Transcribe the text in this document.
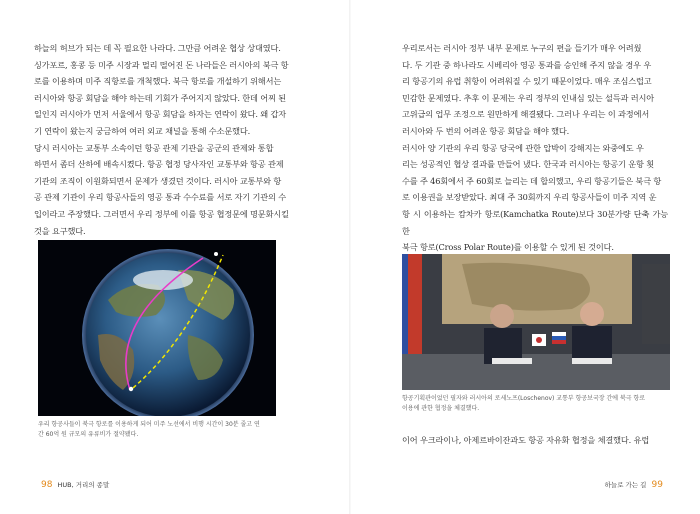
하늘의 허브가 되는 데 꼭 필요한 나라다. 그만큼 어려운 협상 상대였다.
싱가포르, 홍콩 등 미주 시장과 멀리 떨어진 돈 나라들은 러시아의 북극 항
로를 이용하며 미주 직항로를 개척했다. 북극 항로를 개설하기 위해서는
러시아와 항공 회담을 해야 하는데 기회가 주어지지 않았다. 한데 어찌 된
일인지 러시아가 먼저 서울에서 항공 회담을 하자는 연락이 왔다. 왜 갑자
기 연락이 왔는지 궁금하여 여러 외교 채널을 통해 수소문했다.
당시 러시아는 교통부 소속이던 항공 관제 기관을 공군의 관제와 통합
하면서 좀더 산하에 배속시켰다. 항공 협정 당사자인 교통부와 항공 관제
기관의 조직이 이원화되면서 문제가 생겼던 것이다. 러시아 교통부와 항
공 관제 기관이 우리 항공사들의 영공 통과 수수료를 서로 자기 기관의 수
입이라고 주장했다. 그러면서 우리 정부에 이를 항공 협정문에 명문화시킬
것을 요구했다.
우리 항공사들이 북극 항로를 이용하게 되어 미주 노선에서 비행 시간이 30분 줄고 연
간 60억 원 규모의 유류비가 절약됐다.
98 HUB, 거리의 종말
우리로서는 러시아 정부 내부 문제로 누구의 편을 들기가 매우 어려웠
다. 두 기관 중 하나라도 시베리아 영공 통과를 승인해 주지 않을 경우 우
리 항공기의 유럽 취항이 어려워질 수 있기 때문이었다. 매우 조심스럽고
민감한 문제였다. 추후 이 문제는 우리 정부의 인내심 있는 설득과 러시아
고위급의 업무 조정으로 원만하게 해결됐다. 그러나 우리는 이 과정에서
러시아와 두 번의 어려운 항공 회담을 해야 했다.
러시아 양 기관의 우리 항공 당국에 관한 압박이 강해지는 와중에도 우
리는 성공적인 협상 결과를 만들어 냈다. 한국과 러시아는 항공기 운항 횟
수를 주 46회에서 주 60회로 늘리는 데 합의했고, 우리 항공기들은 북극 항
로 이용권을 보장받았다. 최대 주 30회까지 우리 항공사들이 미주 지역 운
항 시 이용하는 캄차카 항로(Kamchatka Route)보다 30분가량 단축 가능한
북극 항로(Cross Polar Route)를 이용할 수 있게 된 것이다.
항공기획관이었던 필자와 러시아의 로세노프(Loschenov) 교통부 항공보국장 간에 북극 항로
이용에 관한 협정을 체결했다.
이어 우크라이나, 아제르바이잔과도 항공 자유화 협정을 체결했다. 유럽
하늘로 가는 길 99
